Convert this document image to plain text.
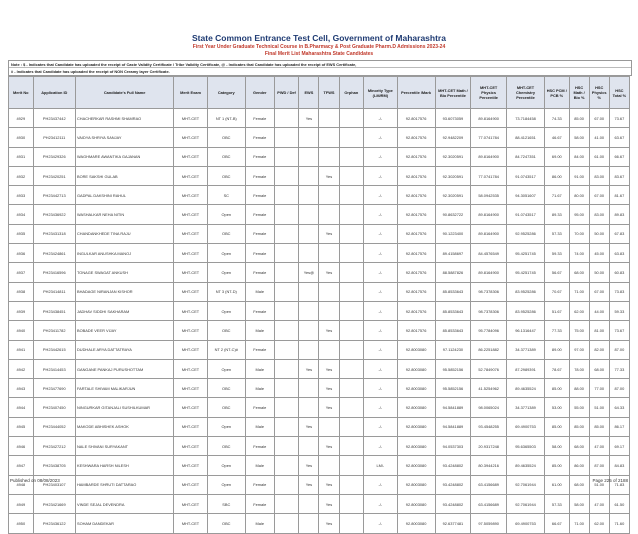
State Common Entrance Test Cell, Government of Maharashtra
First Year Under Graduate Technical Course in B.Pharmacy & Post Graduate Pharm.D Admissions 2023-24
Final Merit List Maharashtra State Candidates
Note : $ - Indicates that Candidate has uploaded the receipt of Caste Validity Certificate / Tribe Validity Certificate, @ - Indicates that Candidate has uploaded the receipt of EWS Certificate,
# - Indicates that Candidate has uploaded the receipt of NON Creamy layer Certificate.
Merit No	Application ID	Candidate's Full Name	Merit Exam	Category	Gender	PWD / Def	EWS	TFWS	Orphan	Minority Type (LM/RM)	Percentile /Mark	MHT-CET Math / Bio Percentile	MHT-CET Physics Percentile	MHT-CET Chemistry Percentile	HSC PCM / PCB %	HSC Math / Bio %	HSC Physics %	HSC Total %
4929	PH23437442	CHACHERKAR RASHMI SHAMRAO	MHT-CET	NT 1 (NT-B)	Female		Yes			-/-	92.8017576	93.6073059	89.8164900	73.7184458	74.33	85.00	67.00	73.67
4930	PH23412111	VAIDYA SHRIYA SANJAY	MHT-CET	OBC	Female					-/-	92.8017576	92.9482209	77.0741784	88.4121651	46.67	58.00	41.00	63.67
4931	PH23429326	WAGHMARE AWANTIKA GAJANAN	MHT-CET	OBC	Female					-/-	92.8017576	92.3020591	89.8164900	84.7247351	69.00	84.00	61.00	66.67
4932	PH23420251	BORE SAKSHI GULAB	MHT-CET	OBC	Female			Yes		-/-	92.8017576	92.3020591	77.0741784	91.0743517	86.00	91.00	83.00	83.67
4933	PH23442713	GADPAL DAKSHINI RAHUL	MHT-CET	SC	Female					-/-	92.8017576	92.3020591	58.0942535	94.3051607	71.67	80.00	67.00	81.67
4934	PH23436922	WASHALKAR NEHA NITIN	MHT-CET	Open	Female					-/-	92.8017576	90.8632722	89.8164900	91.0743517	89.33	95.00	83.00	89.83
4935	PH23431318	CHANDANKHEDE TINA RAJU	MHT-CET	OBC	Female			Yes		-/-	92.8017576	90.1223400	89.8164900	92.9525286	57.33	70.00	50.00	67.83
4936	PH23424861	INGULKAR ANUSHKA MANOJ	MHT-CET	Open	Female					-/-	92.8017576	89.4158697	84.4576549	95.4251745	59.33	74.00	45.00	63.83
4937	PH23416596	TONAGE SWAGAT ANKUSH	MHT-CET	Open	Female		Yes@	Yes		-/-	92.8017576	88.5887826	89.8164900	95.4251745	56.67	68.00	50.00	60.83
4938	PH23414811	BHADAGE NIRANJAN KISHOR	MHT-CET	NT 3 (NT-D)	Male					-/-	92.8017576	85.8533643	98.7378306	83.9525286	70.67	71.00	67.00	73.83
4939	PH23438451	JADHAV SIDDHI SAKHARAM	MHT-CET	Open	Female					-/-	92.8017576	85.8533643	98.7378306	83.9525286	51.67	62.00	44.00	59.33
4940	PH23411782	BOBADE VEER VIJAY	MHT-CET	OBC	Male			Yes		-/-	92.8017576	85.8533643	95.7784096	96.1316447	77.33	75.00	81.00	73.67
4941	PH23442615	DUDHALE ARYA DATTATRAYA	MHT-CET	NT 2 (NT-C)#	Female					-/-	92.8003080	97.1124230	86.2251882	34.3771389	89.00	97.00	82.00	87.00
4942	PH23414453	GANGANE PANKAJ PURUSHOTTAM	MHT-CET	Open	Male		Yes	Yes		-/-	92.8003080	95.5852156	52.7849076	87.2989391	78.67	78.00	68.00	77.33
4943	PH23477690	FARTALE SHIVAM MALIKARJUN	MHT-CET	OBC	Male			Yes		-/-	92.8003080	95.5852156	41.5254962	89.4635524	85.00	88.00	77.00	87.00
4944	PH23407450	NINGURKAR GITANJALI SUSHILKUMAR	MHT-CET	OBC	Female			Yes		-/-	92.8003080	94.5841889	98.0065024	34.3771389	53.00	55.00	51.00	64.33
4945	PH23444052	MAKODE ABHISHEK ASHOK	MHT-CET	Open	Male		Yes			-/-	92.8003080	94.5841889	93.4548255	69.4900753	85.00	85.00	85.00	86.17
4946	PH23427212	NALE SHIVANI SURYAKANT	MHT-CET	OBC	Female			Yes		-/-	92.8003080	94.0537303	20.9317248	95.6365503	58.00	68.00	47.00	69.17
4947	PH23438705	KESHWARA HARSH NILESH	MHT-CET	Open	Male		Yes			LM/-	92.8003080	93.4248802	80.3944216	89.4635524	85.00	86.00	87.00	84.83
4948	PH23403107	HAMBARDE SHRUTI DATTARAO	MHT-CET	Open	Female		Yes	Yes		-/-	92.8003080	93.4248802	63.4156689	92.7061944	61.00	68.00	51.00	71.83
4949	PH23421669	VINDE SEJAL DEVENDRA	MHT-CET	SBC	Female			Yes		-/-	92.8003080	93.4248802	63.4156689	92.7061944	57.33	58.00	47.00	61.50
4950	PH23436122	SOHAM DANDEKAR	MHT-CET	OBC	Male			Yes		-/-	92.8003080	92.6377481	97.5059890	69.4900753	66.67	71.00	62.00	71.60
Published on 08/08/2023	Page 225 of 2188
